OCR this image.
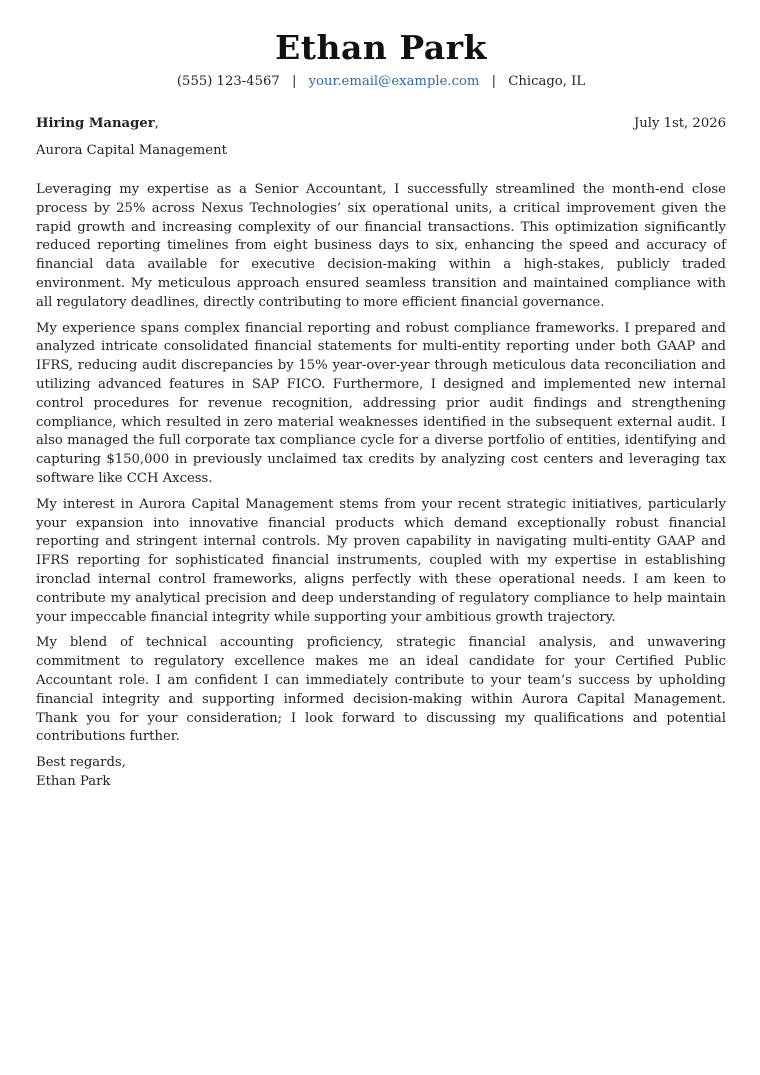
Ethan Park
(555) 123-4567 | your.email@example.com | Chicago, IL
Hiring Manager,	July 1st, 2026
Aurora Capital Management

Leveraging my expertise as a Senior Accountant, I successfully streamlined the month-end close process by 25% across Nexus Technologies’ six operational units, a critical improvement given the rapid growth and increasing complexity of our financial transactions. This optimization significantly reduced reporting timelines from eight business days to six, enhancing the speed and accuracy of financial data available for executive decision-making within a high-stakes, publicly traded environment. My meticulous approach ensured seamless transition and maintained compliance with all regulatory deadlines, directly contributing to more efficient financial governance.

My experience spans complex financial reporting and robust compliance frameworks. I prepared and analyzed intricate consolidated financial statements for multi-entity reporting under both GAAP and IFRS, reducing audit discrepancies by 15% year-over-year through meticulous data reconciliation and utilizing advanced features in SAP FICO. Furthermore, I designed and implemented new internal control procedures for revenue recognition, addressing prior audit findings and strengthening compliance, which resulted in zero material weaknesses identified in the subsequent external audit. I also managed the full corporate tax compliance cycle for a diverse portfolio of entities, identifying and capturing $150,000 in previously unclaimed tax credits by analyzing cost centers and leveraging tax software like CCH Axcess.

My interest in Aurora Capital Management stems from your recent strategic initiatives, particularly your expansion into innovative financial products which demand exceptionally robust financial reporting and stringent internal controls. My proven capability in navigating multi-entity GAAP and IFRS reporting for sophisticated financial instruments, coupled with my expertise in establishing ironclad internal control frameworks, aligns perfectly with these operational needs. I am keen to contribute my analytical precision and deep understanding of regulatory compliance to help maintain your impeccable financial integrity while supporting your ambitious growth trajectory.

My blend of technical accounting proficiency, strategic financial analysis, and unwavering commitment to regulatory excellence makes me an ideal candidate for your Certified Public Accountant role. I am confident I can immediately contribute to your team’s success by upholding financial integrity and supporting informed decision-making within Aurora Capital Management. Thank you for your consideration; I look forward to discussing my qualifications and potential contributions further.

Best regards,
Ethan Park
